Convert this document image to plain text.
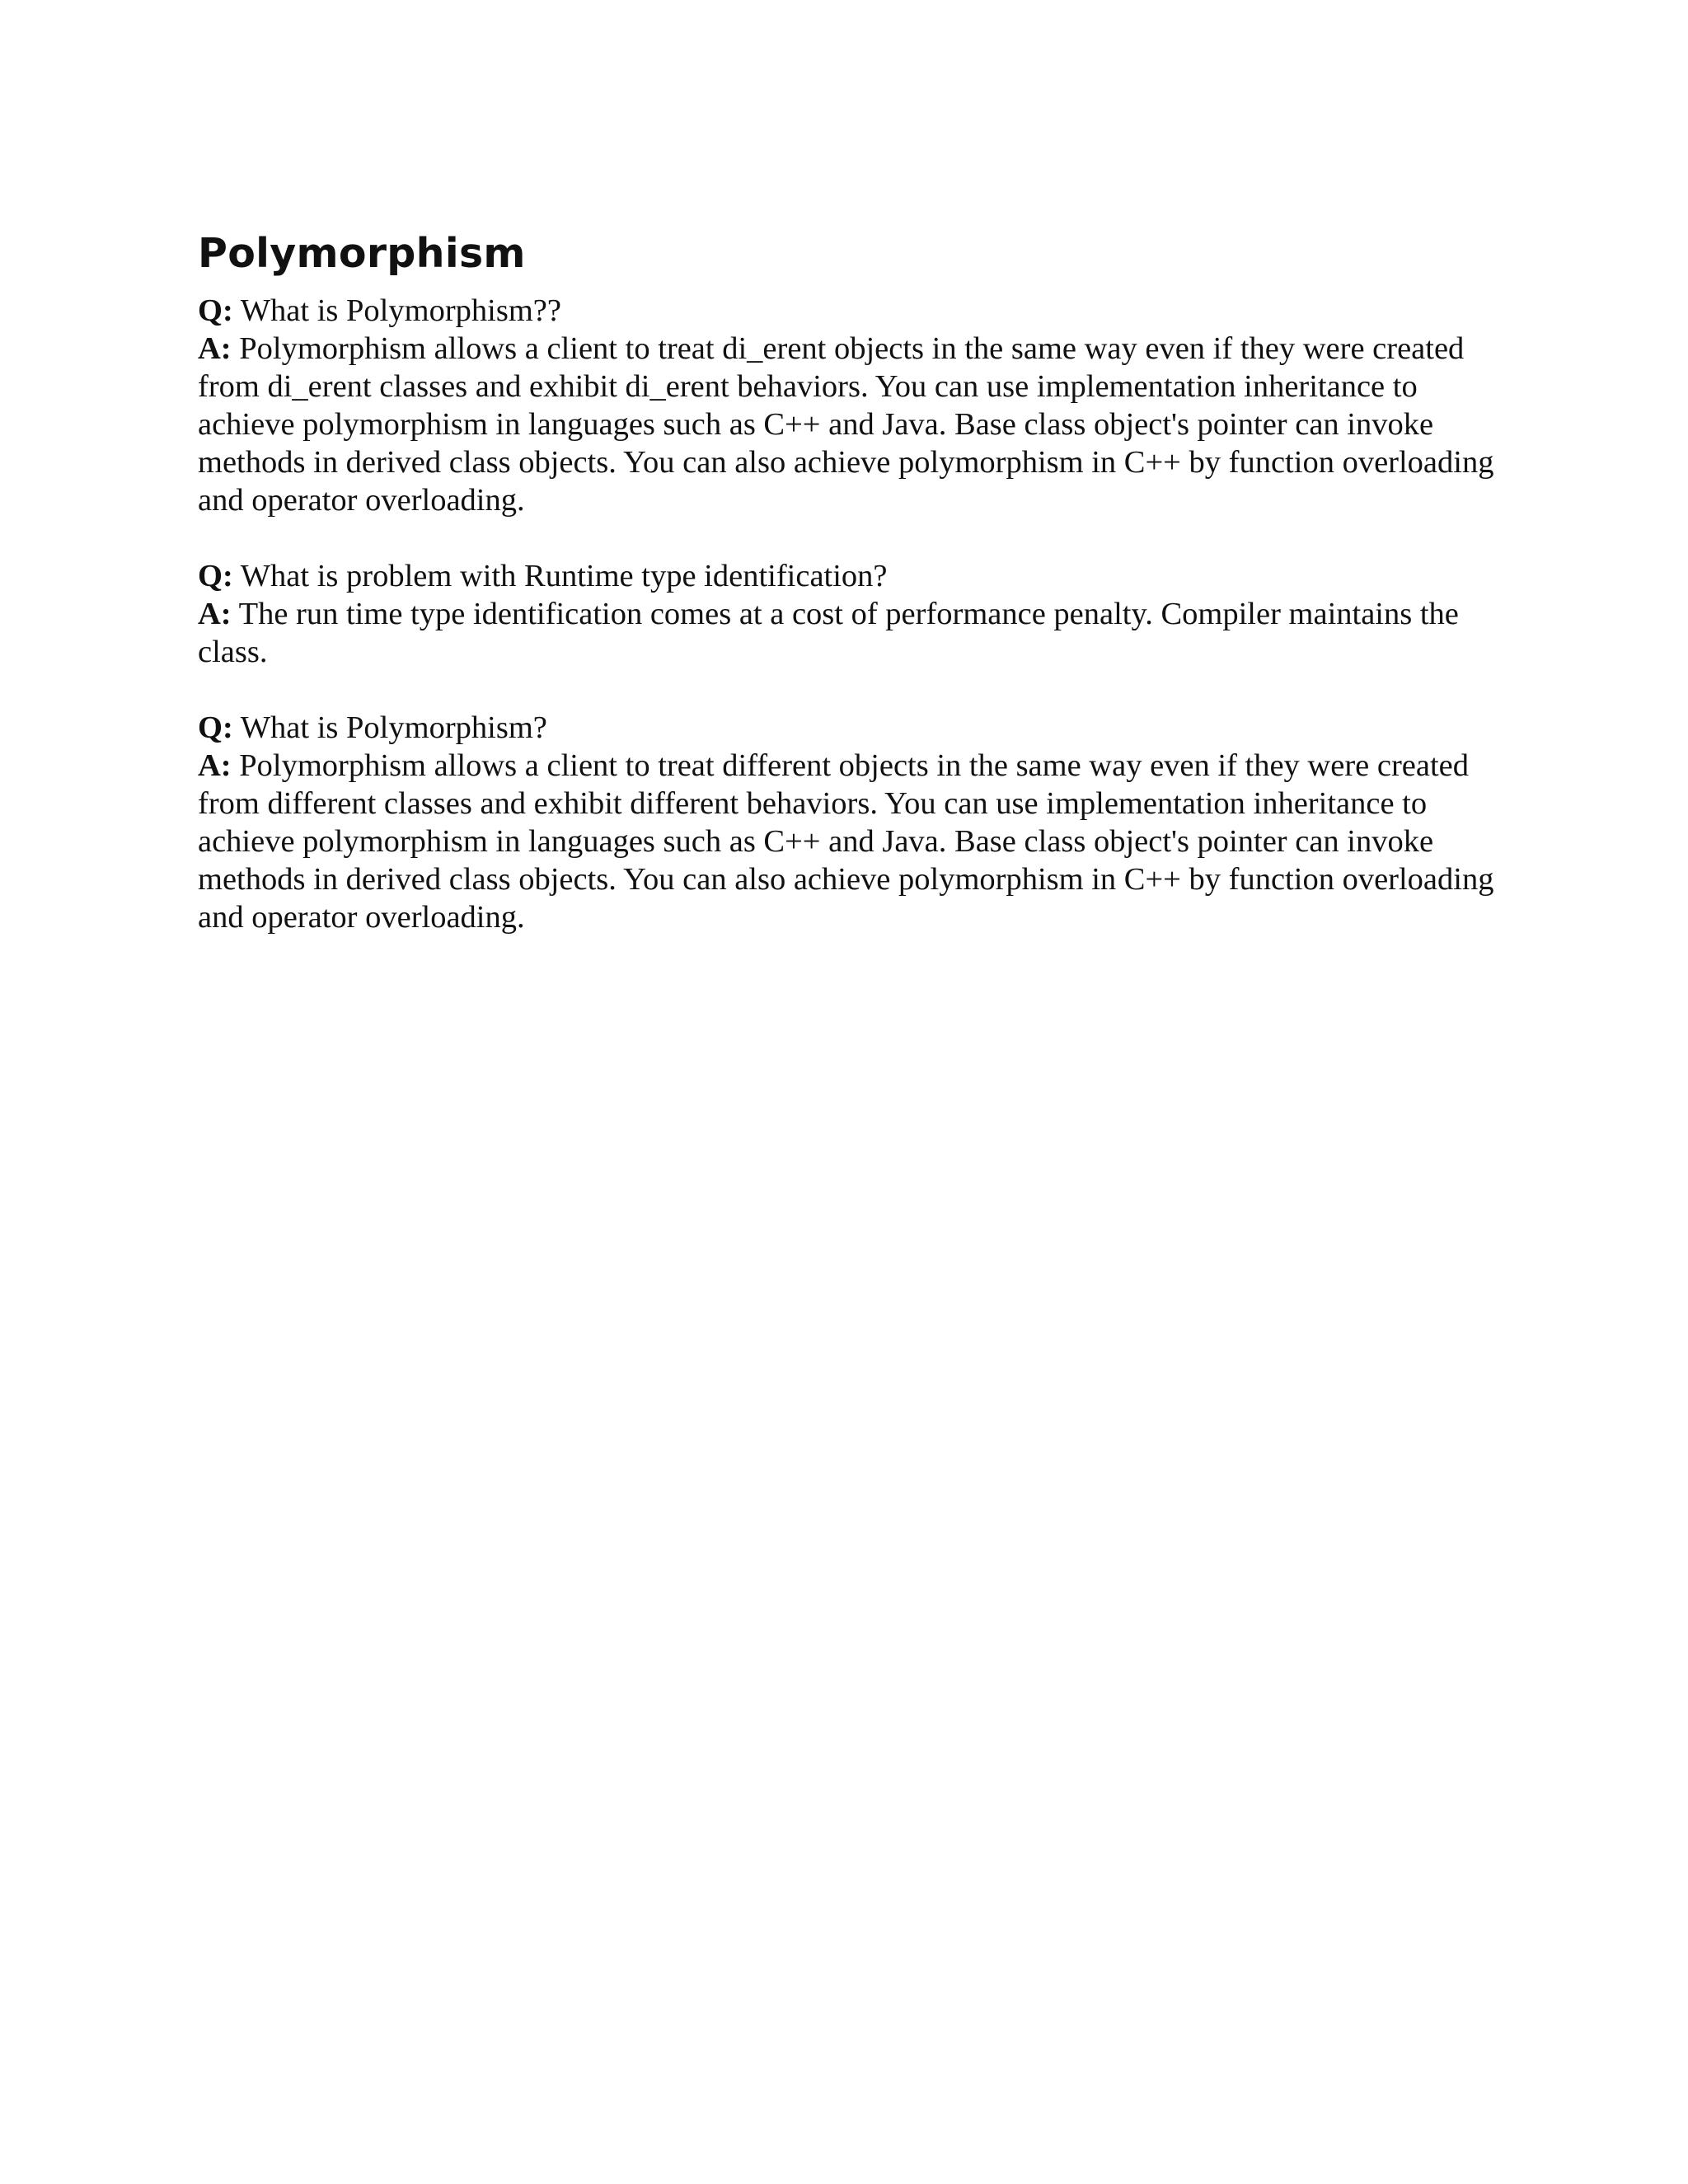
Polymorphism

Q: What is Polymorphism??

A: Polymorphism allows a client to treat di_erent objects in the same way even if they were created from di_erent classes and exhibit di_erent behaviors. You can use implementation inheritance to achieve polymorphism in languages such as C++ and Java. Base class object's pointer can invoke methods in derived class objects. You can also achieve polymorphism in C++ by function overloading and operator overloading.

Q: What is problem with Runtime type identification?

A: The run time type identification comes at a cost of performance penalty. Compiler maintains the class.

Q: What is Polymorphism?

A: Polymorphism allows a client to treat different objects in the same way even if they were created from different classes and exhibit different behaviors. You can use implementation inheritance to achieve polymorphism in languages such as C++ and Java. Base class object's pointer can invoke methods in derived class objects. You can also achieve polymorphism in C++ by function overloading and operator overloading.
